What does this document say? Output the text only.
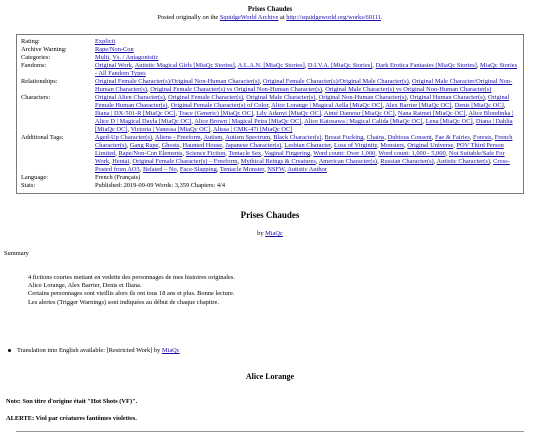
Prises Chaudes
Posted originally on the SquidgeWorld Archive at http://squidgeworld.org/works/60111.
Rating:	Explicit
Archive Warning:	Rape/Non-Con
Categories:	Multi, Vs. / Antagonistic
Fandoms:	Original Work, Autistic Magical Girls [MiaQc Stories], A.L.A.N. [MiaQc Stories], D.I.V.A. [MiaQc Stories], Dark Erotica Fantasies [MiaQc Stories], MiaQc Stories - All Fandom Types
Relationships:	Original Female Character(s)/Original Non-Human Character(s), Original Female Character(s)/Original Male Character(s), Original Male Character/Original Non-Human Character(s), Original Female Character(s) vs Original Non-Human Character(s), Original Male Character(s) vs Original Non-Human Character(s)
Characters:	Original Alien Character(s), Original Female Character(s), Original Male Character(s), Original Non-Human Character(s), Original Human Character(s), Original Female Human Character(s), Original Female Character(s) of Color, Alice Lorange | Magical Aella [MiaQc OC], Alex Barrier [MiaQc OC], Denis [MiaQc OC], Iliana | DX-501-R [MiaQc OC], Trace (Generic) [MiaQc OC], Lily Adanyi [MiaQc OC], Aimé Damour [MiaQc OC], Nana Raimei [MiaQc OC], Alice Blondinka | Alice D | Magical Dayla [MiaQc OC], Alice Brown | Magical Petra [MiaQc OC], Alice Katosawa | Magical Calida [MiaQc OC], Lena [MiaQc OC], Diana | Dahlia [MiaQc OC], Victoria | Vanessa [MiaQc OC], Alissa | CMK-47i [MiaQc OC]
Additional Tags:	Aged-Up Character(s), Aliens - Freeform, Autism, Autism Spectrum, Black Character(s), Breast Fucking, Chains, Dubious Consent, Fae & Fairies, Forests, French Character(s), Gang Rape, Ghosts, Haunted House, Japanese Character(s), Lesbian Character, Loss of Virginity, Monsters, Original Universe, POV Third Person Limited, Rape/Non-Con Elements, Science Fiction, Tentacle Sex, Vaginal Fingering, Word count: Over 1,000, Word count: 1,000 - 5,000, Not Suitable/Safe For Work, Hentai, Original Female Character(s) – Freeform, Mythical Beings & Creatures, American Character(s), Russian Character(s), Autistic Character(s), Cross-Posted from AO3, Belated – No, Face-Slapping, Tentacle Monster, NSFW, Autistic Author
Language:	French (Français)
Stats:	Published: 2019-09-09 Words: 3,359 Chapters: 4/4
Prises Chaudes
by MiaQc
Summary
4 fictions courtes mettant en vedette des personnages de mes histoires originales.
Alice Lorange, Alex Barrier, Denis et Iliana.
Certains personnages sont vieillis alors ils ont tous 18 ans et plus. Bonne lecture.
Les alertes (Trigger Warnings) sont indiquées au début de chaque chapitre.
Translation into English available: [Restricted Work] by MiaQc
Alice Lorange
Note: Son titre d'origine était "Hot Shots (VF)".
ALERTE: Viol par créatures fantômes violettes.
